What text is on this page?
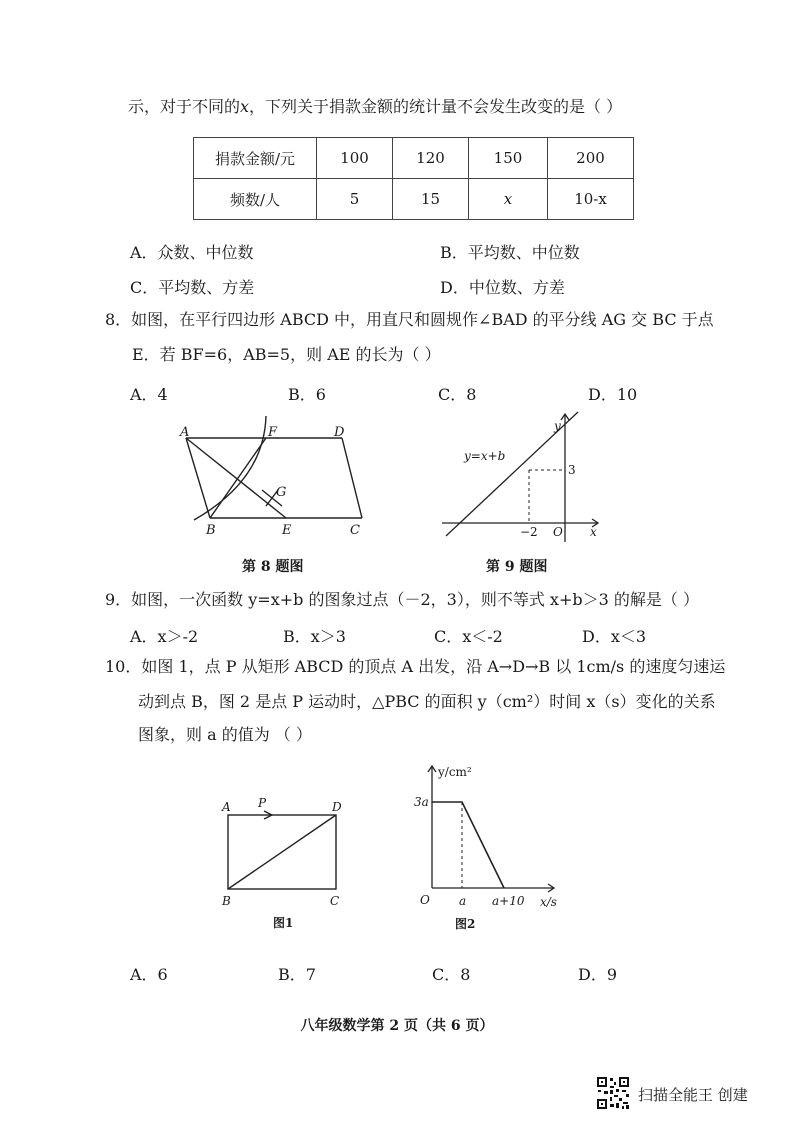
示，对于不同的x，下列关于捐款金额的统计量不会发生改变的是（ ）
捐款金额/元	100	120	150	200
频数/人	5	15	x	10-x
A．众数、中位数	B．平均数、中位数
C．平均数、方差	D．中位数、方差
8．如图，在平行四边形 ABCD 中，用直尺和圆规作∠BAD 的平分线 AG 交 BC 于点
E．若 BF=6，AB=5，则 AE 的长为（ ）
A．4	B．6	C．8	D．10
A	F	D
G
B	E	C
第 8 题图
y=x+b
y
x
3
−2 O
第 9 题图
9．如图，一次函数 y=x+b 的图象过点（－2，3），则不等式 x+b＞3 的解是（ ）
A．x＞-2	B．x＞3	C．x＜-2	D．x＜3
10．如图 1，点 P 从矩形 ABCD 的顶点 A 出发，沿 A→D→B 以 1cm/s 的速度匀速运
动到点 B，图 2 是点 P 运动时，△PBC 的面积 y（cm²）时间 x（s）变化的关系
图象，则 a 的值为 （ ）
A P	D
B	C
图1
y/cm²
3a
O a a+10 x/s
图2
A．6	B．7	C．8	D．9
八年级数学第 2 页（共 6 页）
扫描全能王 创建
